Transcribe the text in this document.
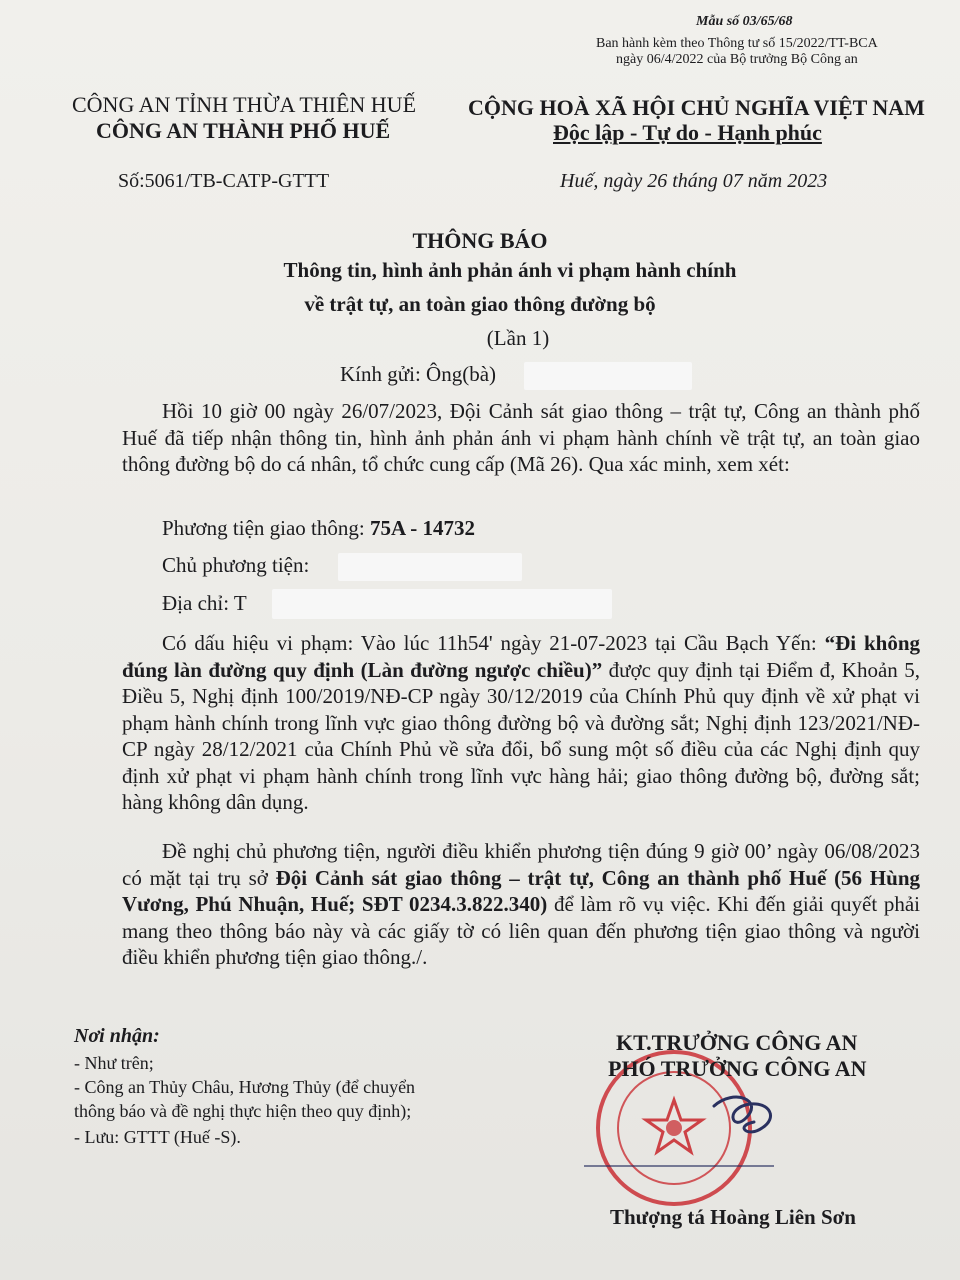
Mẫu số 03/65/68
Ban hành kèm theo Thông tư số 15/2022/TT-BCA
ngày 06/4/2022 của Bộ trưởng Bộ Công an
CÔNG AN TỈNH THỪA THIÊN HUẾ
CÔNG AN THÀNH PHỐ HUẾ
Số:5061/TB-CATP-GTTT
CỘNG HOÀ XÃ HỘI CHỦ NGHĨA VIỆT NAM
Độc lập - Tự do - Hạnh phúc
Huế, ngày 26 tháng 07 năm 2023
THÔNG BÁO
Thông tin, hình ảnh phản ánh vi phạm hành chính
về trật tự, an toàn giao thông đường bộ
(Lần 1)
Kính gửi: Ông(bà)
Hồi 10 giờ 00 ngày 26/07/2023, Đội Cảnh sát giao thông – trật tự, Công an thành phố Huế đã tiếp nhận thông tin, hình ảnh phản ánh vi phạm hành chính về trật tự, an toàn giao thông đường bộ do cá nhân, tổ chức cung cấp (Mã 26). Qua xác minh, xem xét:
Phương tiện giao thông: 75A - 14732
Chủ phương tiện:
Địa chỉ: T
Có dấu hiệu vi phạm: Vào lúc 11h54' ngày 21-07-2023 tại Cầu Bạch Yến: “Đi không đúng làn đường quy định (Làn đường ngược chiều)” được quy định tại Điểm đ, Khoản 5, Điều 5, Nghị định 100/2019/NĐ-CP ngày 30/12/2019 của Chính Phủ quy định về xử phạt vi phạm hành chính trong lĩnh vực giao thông đường bộ và đường sắt; Nghị định 123/2021/NĐ-CP ngày 28/12/2021 của Chính Phủ về sửa đổi, bổ sung một số điều của các Nghị định quy định xử phạt vi phạm hành chính trong lĩnh vực hàng hải; giao thông đường bộ, đường sắt; hàng không dân dụng.
Đề nghị chủ phương tiện, người điều khiển phương tiện đúng 9 giờ 00’ ngày 06/08/2023 có mặt tại trụ sở Đội Cảnh sát giao thông – trật tự, Công an thành phố Huế (56 Hùng Vương, Phú Nhuận, Huế; SĐT 0234.3.822.340) để làm rõ vụ việc. Khi đến giải quyết phải mang theo thông báo này và các giấy tờ có liên quan đến phương tiện giao thông và người điều khiển phương tiện giao thông./.
Nơi nhận:
- Như trên;
- Công an Thủy Châu, Hương Thủy (để chuyển
thông báo và đề nghị thực hiện theo quy định);
- Lưu: GTTT (Huế -S).
KT.TRƯỞNG CÔNG AN
PHÓ TRƯỞNG CÔNG AN
Thượng tá Hoàng Liên Sơn
